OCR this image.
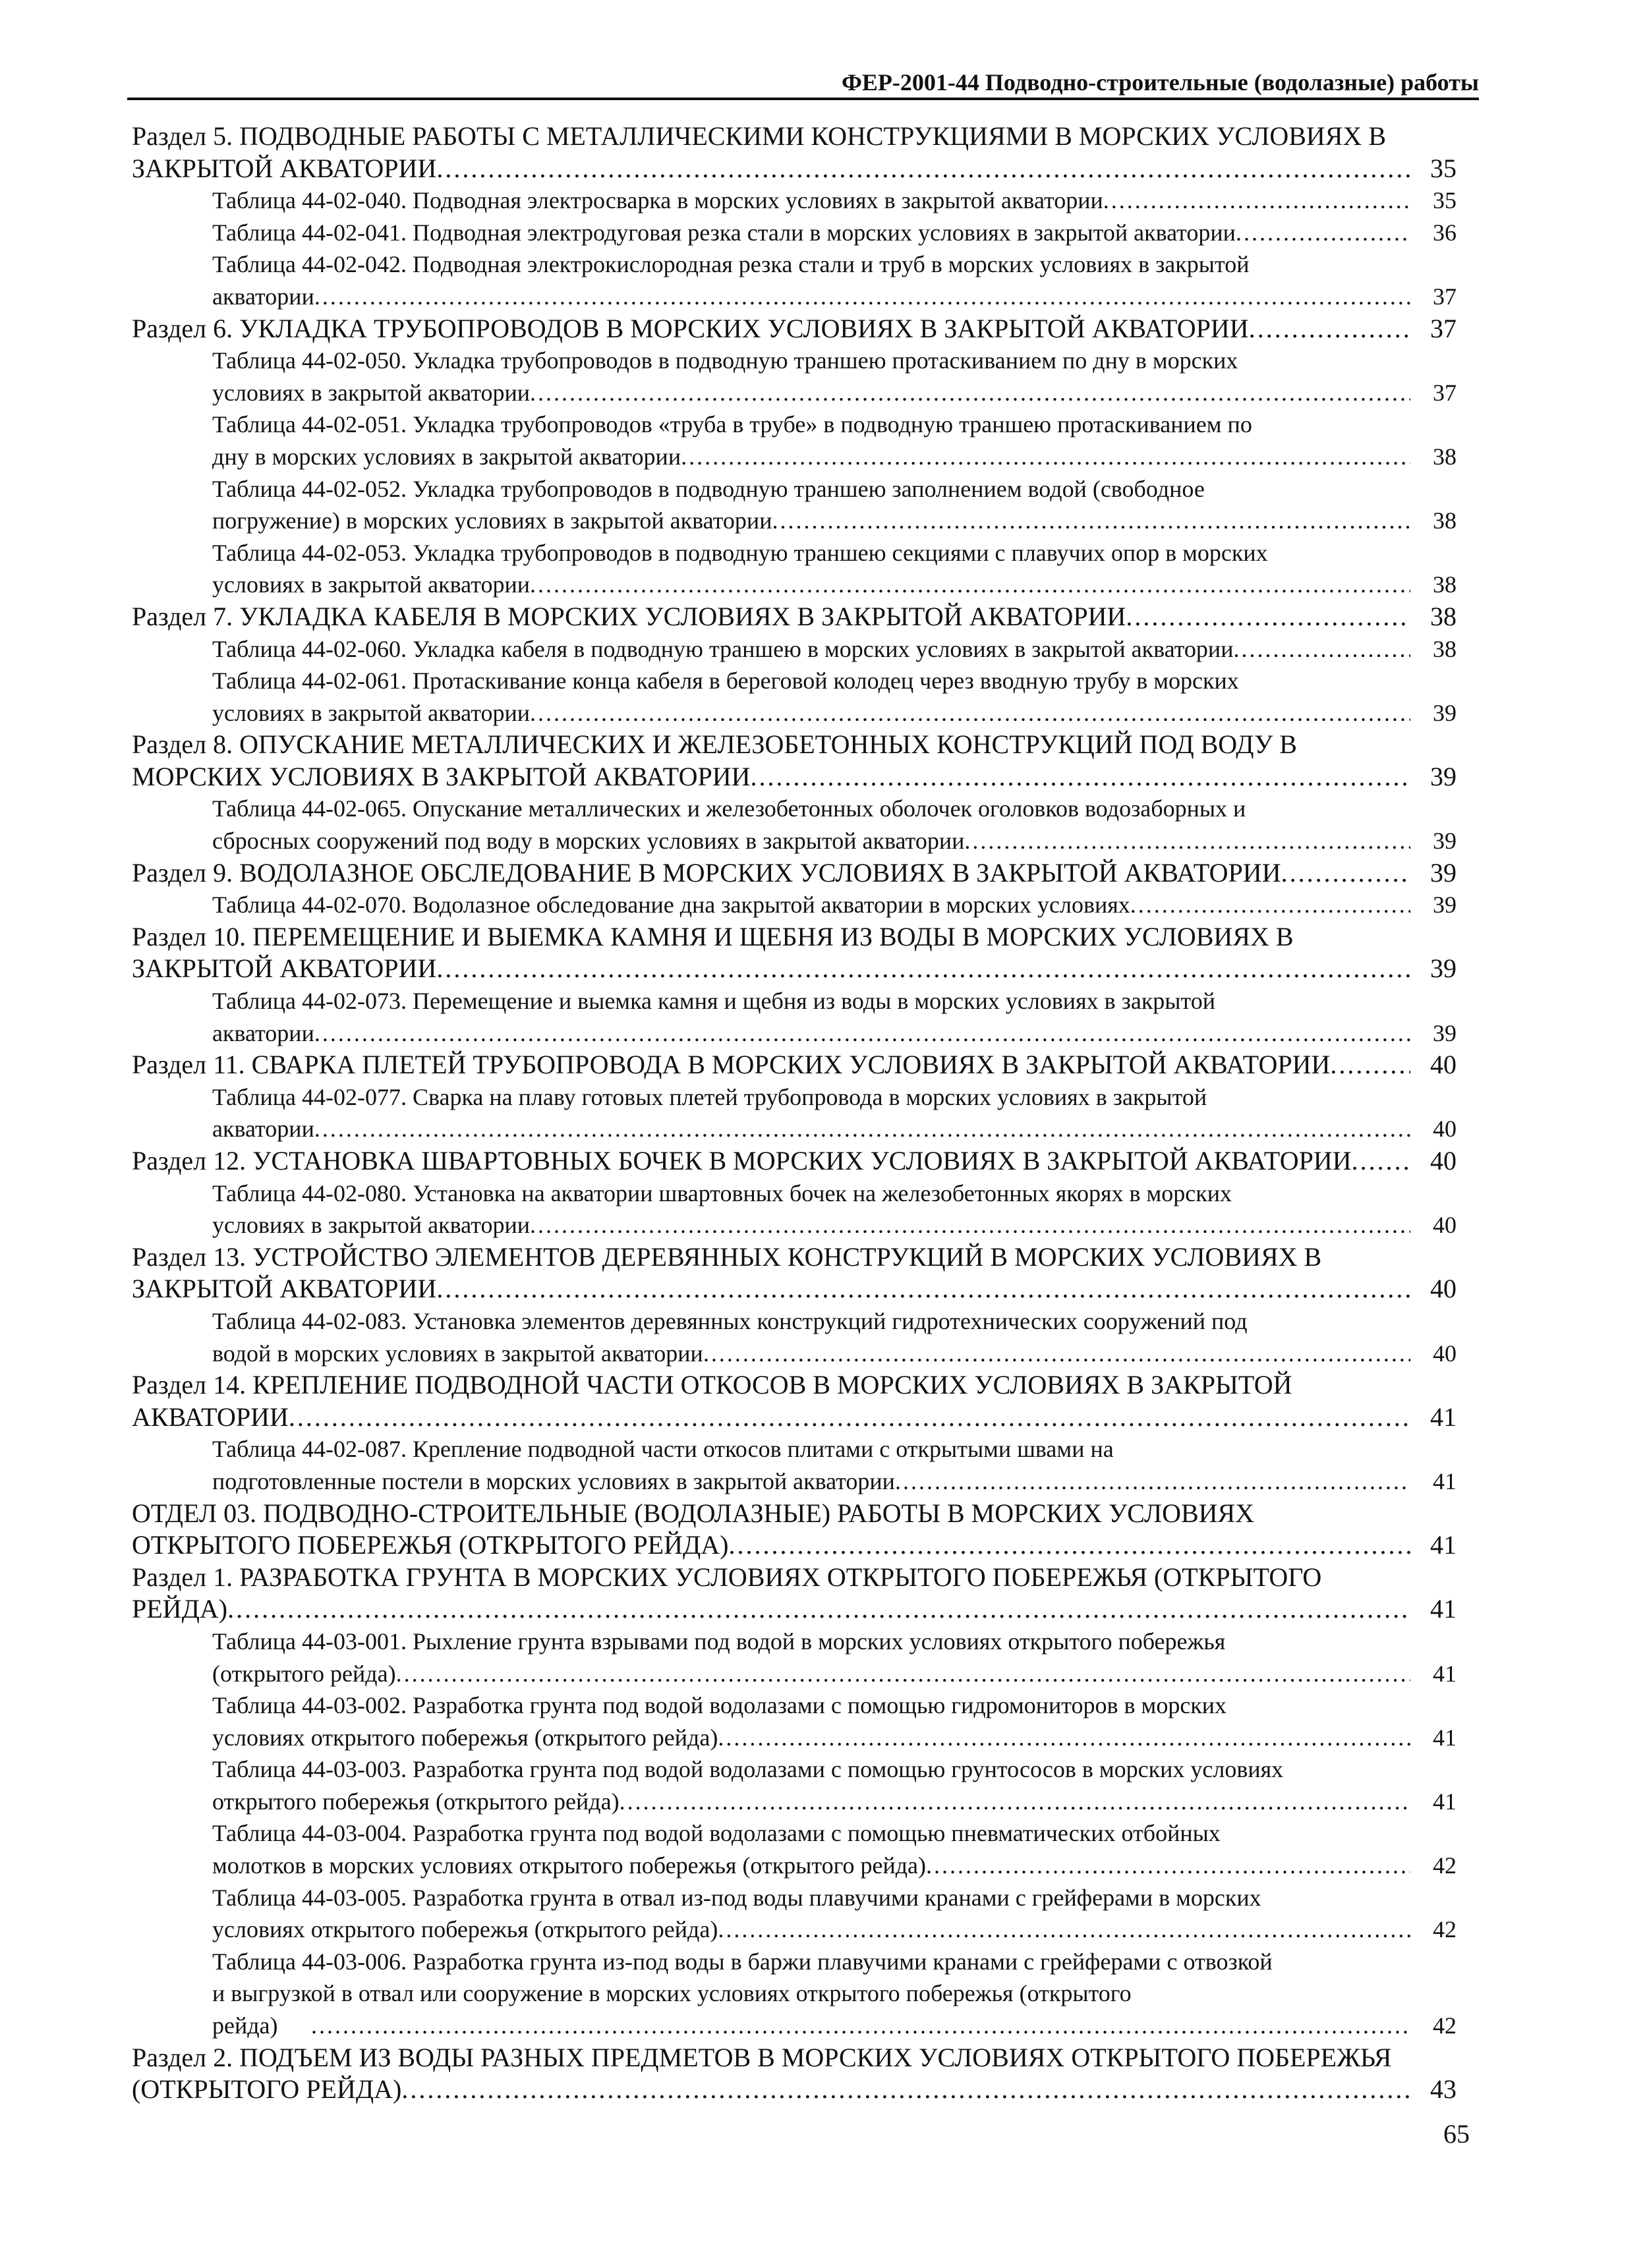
ФЕР-2001-44 Подводно-строительные (водолазные) работы
Раздел 5. ПОДВОДНЫЕ РАБОТЫ С МЕТАЛЛИЧЕСКИМИ КОНСТРУКЦИЯМИ В МОРСКИХ УСЛОВИЯХ В
ЗАКРЫТОЙ АКВАТОРИИ .....	35
Таблица 44-02-040. Подводная электросварка в морских условиях в закрытой акватории .....	35
Таблица 44-02-041. Подводная электродуговая резка стали в морских условиях в закрытой акватории .....	36
Таблица 44-02-042. Подводная электрокислородная резка стали и труб в морских условиях в закрытой
акватории .....	37
Раздел 6. УКЛАДКА ТРУБОПРОВОДОВ В МОРСКИХ УСЛОВИЯХ В ЗАКРЫТОЙ АКВАТОРИИ .....	37
Таблица 44-02-050. Укладка трубопроводов в подводную траншею протаскиванием по дну в морских
условиях в закрытой акватории .....	37
Таблица 44-02-051. Укладка трубопроводов «труба в трубе» в подводную траншею протаскиванием по
дну в морских условиях в закрытой акватории .....	38
Таблица 44-02-052. Укладка трубопроводов в подводную траншею заполнением водой (свободное
погружение) в морских условиях в закрытой акватории .....	38
Таблица 44-02-053. Укладка трубопроводов в подводную траншею секциями с плавучих опор в морских
условиях в закрытой акватории .....	38
Раздел 7. УКЛАДКА КАБЕЛЯ В МОРСКИХ УСЛОВИЯХ В ЗАКРЫТОЙ АКВАТОРИИ .....	38
Таблица 44-02-060. Укладка кабеля в подводную траншею в морских условиях в закрытой акватории .....	38
Таблица 44-02-061. Протаскивание конца кабеля в береговой колодец через вводную трубу в морских
условиях в закрытой акватории .....	39
Раздел 8. ОПУСКАНИЕ МЕТАЛЛИЧЕСКИХ И ЖЕЛЕЗОБЕТОННЫХ КОНСТРУКЦИЙ ПОД ВОДУ В
МОРСКИХ УСЛОВИЯХ В ЗАКРЫТОЙ АКВАТОРИИ .....	39
Таблица 44-02-065. Опускание металлических и железобетонных оболочек оголовков водозаборных и
сбросных сооружений под воду в морских условиях в закрытой акватории .....	39
Раздел 9. ВОДОЛАЗНОЕ ОБСЛЕДОВАНИЕ В МОРСКИХ УСЛОВИЯХ В ЗАКРЫТОЙ АКВАТОРИИ .....	39
Таблица 44-02-070. Водолазное обследование дна закрытой акватории в морских условиях .....	39
Раздел 10. ПЕРЕМЕЩЕНИЕ И ВЫЕМКА КАМНЯ И ЩЕБНЯ ИЗ ВОДЫ В МОРСКИХ УСЛОВИЯХ В
ЗАКРЫТОЙ АКВАТОРИИ .....	39
Таблица 44-02-073. Перемещение и выемка камня и щебня из воды в морских условиях в закрытой
акватории .....	39
Раздел 11. СВАРКА ПЛЕТЕЙ ТРУБОПРОВОДА В МОРСКИХ УСЛОВИЯХ В ЗАКРЫТОЙ АКВАТОРИИ .....	40
Таблица 44-02-077. Сварка на плаву готовых плетей трубопровода в морских условиях в закрытой
акватории .....	40
Раздел 12. УСТАНОВКА ШВАРТОВНЫХ БОЧЕК В МОРСКИХ УСЛОВИЯХ В ЗАКРЫТОЙ АКВАТОРИИ .....	40
Таблица 44-02-080. Установка на акватории швартовных бочек на железобетонных якорях в морских
условиях в закрытой акватории .....	40
Раздел 13. УСТРОЙСТВО ЭЛЕМЕНТОВ ДЕРЕВЯННЫХ КОНСТРУКЦИЙ В МОРСКИХ УСЛОВИЯХ В
ЗАКРЫТОЙ АКВАТОРИИ .....	40
Таблица 44-02-083. Установка элементов деревянных конструкций гидротехнических сооружений под
водой в морских условиях в закрытой акватории .....	40
Раздел 14. КРЕПЛЕНИЕ ПОДВОДНОЙ ЧАСТИ ОТКОСОВ В МОРСКИХ УСЛОВИЯХ В ЗАКРЫТОЙ
АКВАТОРИИ .....	41
Таблица 44-02-087. Крепление подводной части откосов плитами с открытыми швами на
подготовленные постели в морских условиях в закрытой акватории .....	41
ОТДЕЛ 03. ПОДВОДНО-СТРОИТЕЛЬНЫЕ (ВОДОЛАЗНЫЕ) РАБОТЫ В МОРСКИХ УСЛОВИЯХ
ОТКРЫТОГО ПОБЕРЕЖЬЯ (ОТКРЫТОГО РЕЙДА) .....	41
Раздел 1. РАЗРАБОТКА ГРУНТА В МОРСКИХ УСЛОВИЯХ ОТКРЫТОГО ПОБЕРЕЖЬЯ (ОТКРЫТОГО
РЕЙДА) .....	41
Таблица 44-03-001. Рыхление грунта взрывами под водой в морских условиях открытого побережья
(открытого рейда) .....	41
Таблица 44-03-002. Разработка грунта под водой водолазами с помощью гидромониторов в морских
условиях открытого побережья (открытого рейда) .....	41
Таблица 44-03-003. Разработка грунта под водой водолазами с помощью грунтососов в морских условиях
открытого побережья (открытого рейда) .....	41
Таблица 44-03-004. Разработка грунта под водой водолазами с помощью пневматических отбойных
молотков в морских условиях открытого побережья (открытого рейда) .....	42
Таблица 44-03-005. Разработка грунта в отвал из-под воды плавучими кранами с грейферами в морских
условиях открытого побережья (открытого рейда) .....	42
Таблица 44-03-006. Разработка грунта из-под воды в баржи плавучими кранами с грейферами с отвозкой
и выгрузкой в отвал или сооружение в морских условиях открытого побережья (открытого
рейда) .....	42
Раздел 2. ПОДЪЕМ ИЗ ВОДЫ РАЗНЫХ ПРЕДМЕТОВ В МОРСКИХ УСЛОВИЯХ ОТКРЫТОГО ПОБЕРЕЖЬЯ
(ОТКРЫТОГО РЕЙДА) .....	43
65
